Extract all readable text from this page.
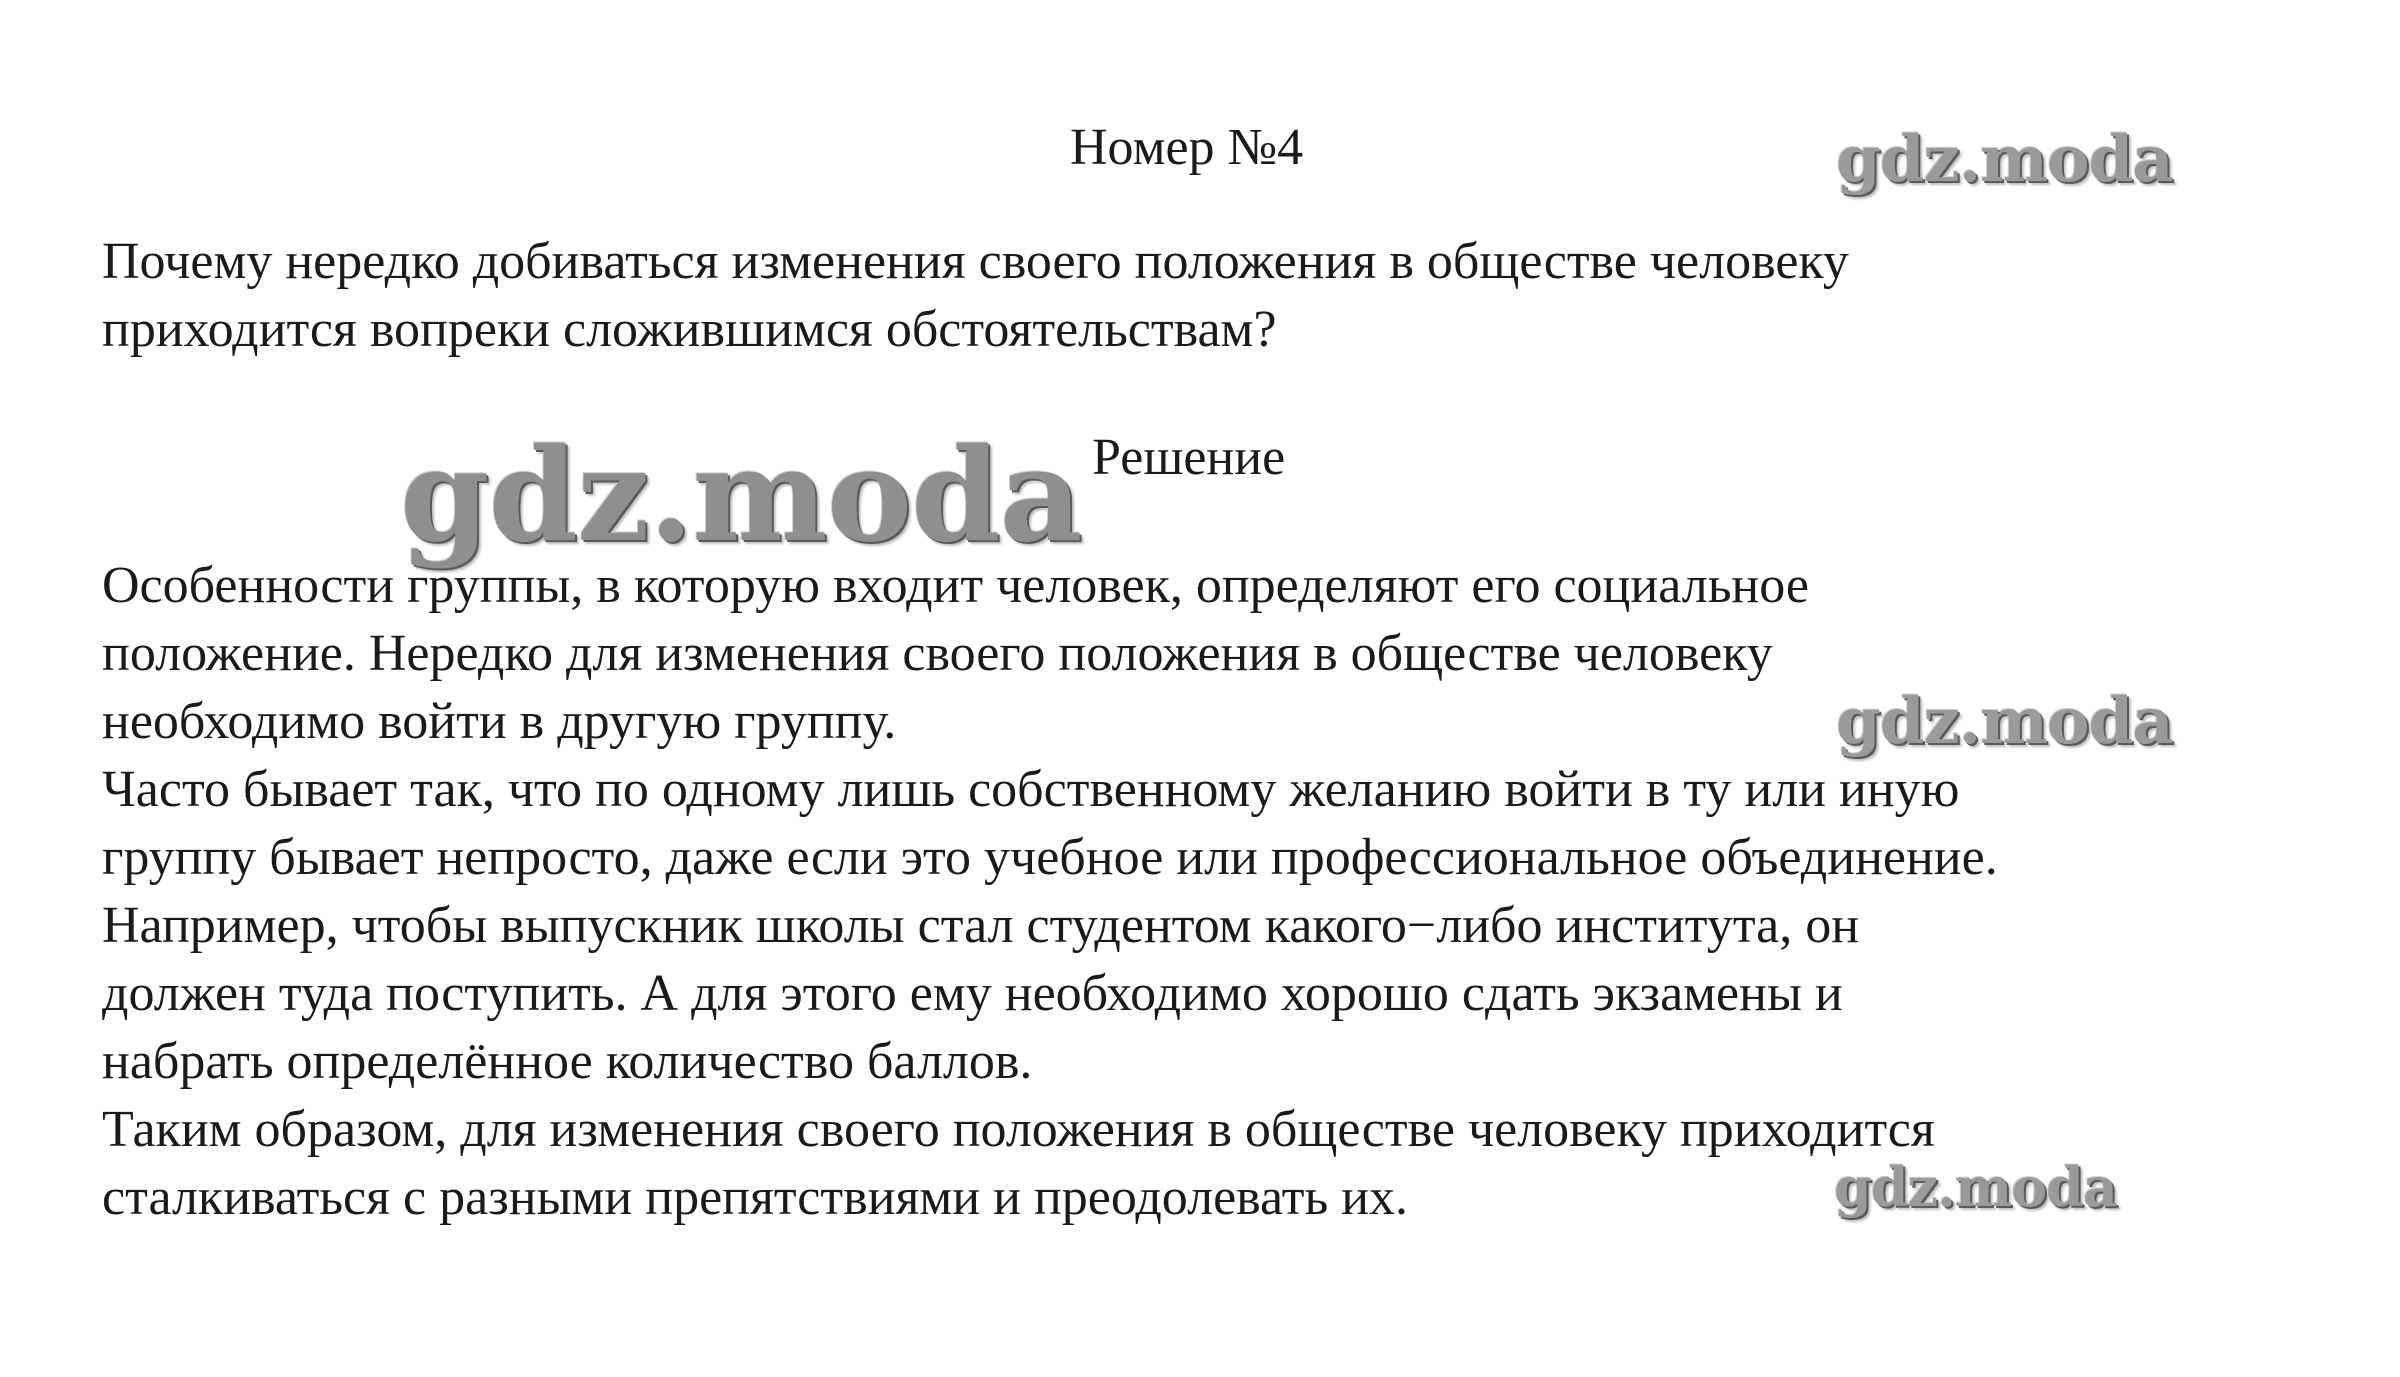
Номер №4

Почему нередко добиваться изменения своего положения в обществе человеку

приходится вопреки сложившимся обстоятельствам?

Решение

Особенности группы, в которую входит человек, определяют его социальное

положение. Нередко для изменения своего положения в обществе человеку

необходимо войти в другую группу.

Часто бывает так, что по одному лишь собственному желанию войти в ту или иную

группу бывает непросто, даже если это учебное или профессиональное объединение.

Например, чтобы выпускник школы стал студентом какого−либо института, он

должен туда поступить. А для этого ему необходимо хорошо сдать экзамены и

набрать определённое количество баллов.

Таким образом, для изменения своего положения в обществе человеку приходится

сталкиваться с разными препятствиями и преодолевать их.

gdz.moda
gdz.moda
gdz.moda
gdz.moda
